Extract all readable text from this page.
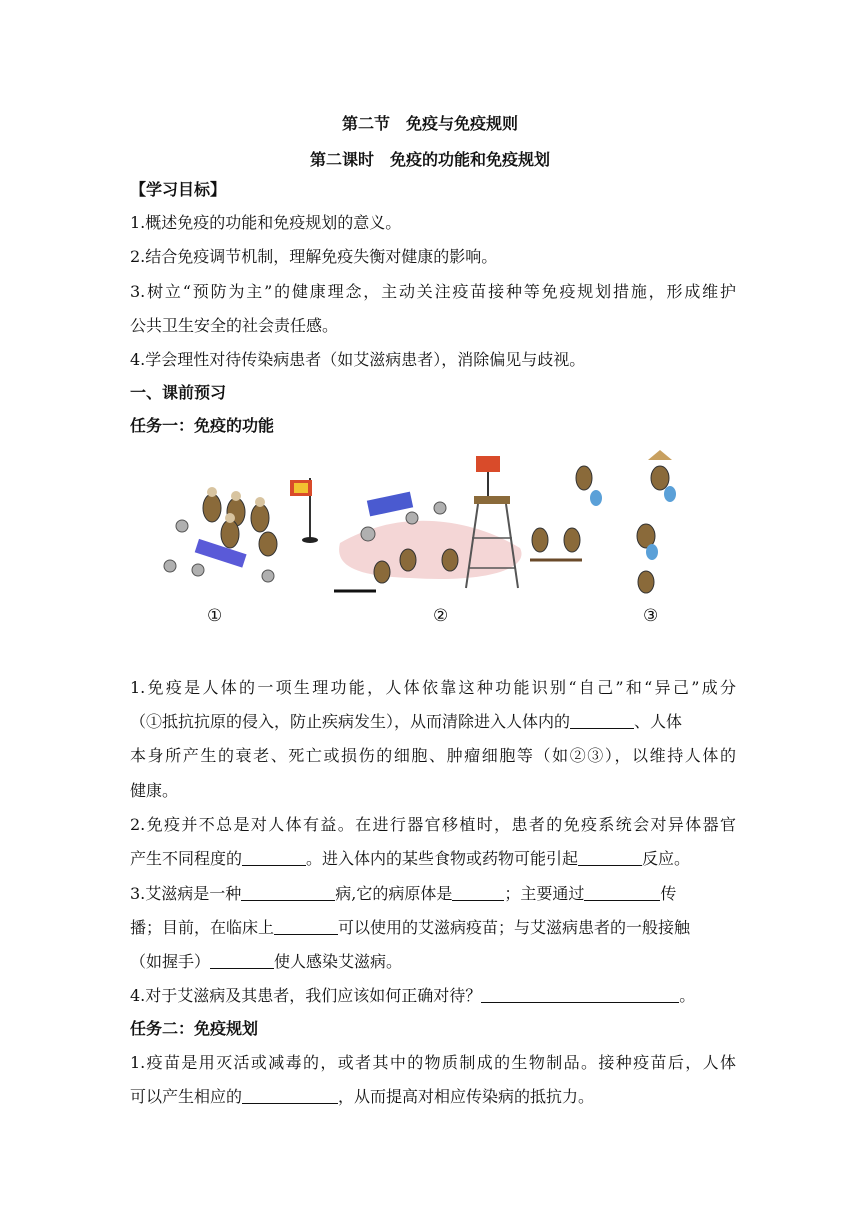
第二节　免疫与免疫规则
第二课时　免疫的功能和免疫规划
【学习目标】
1.概述免疫的功能和免疫规划的意义。
2.结合免疫调节机制，理解免疫失衡对健康的影响。
3.树立“预防为主”的健康理念，主动关注疫苗接种等免疫规划措施，形成维护
公共卫生安全的社会责任感。
4.学会理性对待传染病患者（如艾滋病患者），消除偏见与歧视。
一、课前预习
任务一：免疫的功能
①	②	③
1.免疫是人体的一项生理功能，人体依靠这种功能识别“自己”和“异己”成分
（①抵抗抗原的侵入，防止疾病发生），从而清除进入人体内的	、人体
本身所产生的衰老、死亡或损伤的细胞、肿瘤细胞等（如②③），以维持人体的
健康。
2.免疫并不总是对人体有益。在进行器官移植时，患者的免疫系统会对异体器官
产生不同程度的	。进入体内的某些食物或药物可能引起	反应。
3.艾滋病是一种	病,它的病原体是	；主要通过	传
播；目前，在临床上	可以使用的艾滋病疫苗；与艾滋病患者的一般接触
（如握手）	使人感染艾滋病。
4.对于艾滋病及其患者，我们应该如何正确对待？	。
任务二：免疫规划
1.疫苗是用灭活或减毒的，或者其中的物质制成的生物制品。接种疫苗后，人体
可以产生相应的	，从而提高对相应传染病的抵抗力。
